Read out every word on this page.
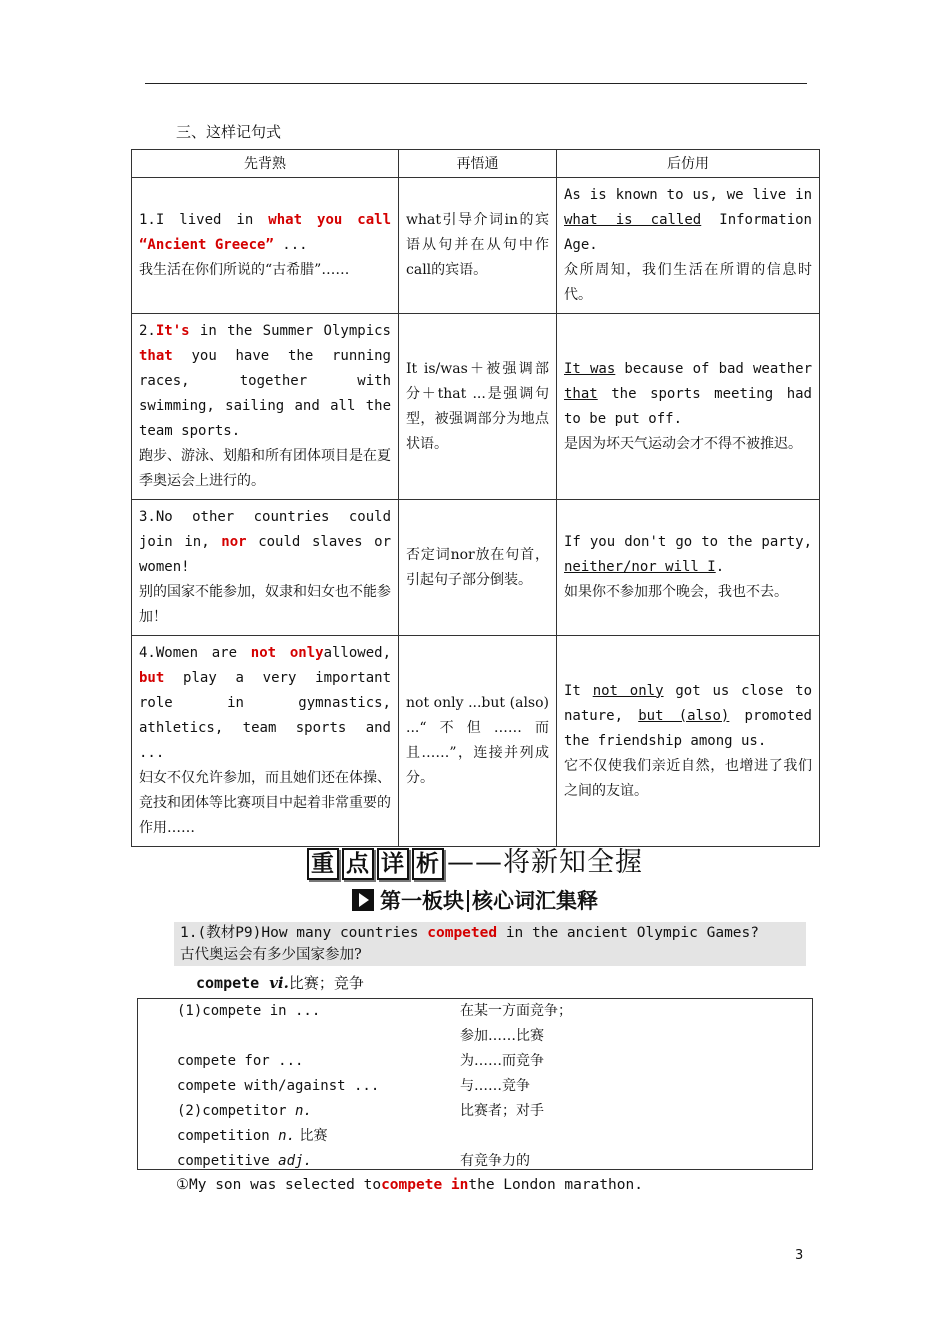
三、这样记句式
先背熟	再悟通	后仿用
1.I lived in what you call “Ancient Greece” ...
我生活在你们所说的“古希腊”……	what引导介词in的宾语从句并在从句中作call的宾语。	As is known to us, we live in what is called Information Age.
众所周知，我们生活在所谓的信息时代。
2.It's in the Summer Olympics that you have the running races, together with swimming, sailing and all the team sports.
跑步、游泳、划船和所有团体项目是在夏季奥运会上进行的。	It is/was＋被强调部分＋that ...是强调句型，被强调部分为地点状语。	It was because of bad weather that the sports meeting had to be put off.
是因为坏天气运动会才不得不被推迟。
3.No other countries could join in, nor could slaves or women!
别的国家不能参加，奴隶和妇女也不能参加！	否定词nor放在句首，引起句子部分倒装。	If you don't go to the party, neither/nor will I.
如果你不参加那个晚会，我也不去。
4.Women are not onlyallowed, but play a very important role in gymnastics, athletics, team sports and ...
妇女不仅允许参加，而且她们还在体操、竞技和团体等比赛项目中起着非常重要的作用……	not only ...but (also) ...“不但……而且……”，连接并列成分。	It not only got us close to nature, but (also) promoted the friendship among us.
它不仅使我们亲近自然，也增进了我们之间的友谊。
重 点 详 析 ——将新知全握
第一板块 核心词汇集释
1.(教材P9)How many countries competed in the ancient Olympic Games?
古代奥运会有多少国家参加?
compete vi.比赛；竞争
(1)compete in ...	在某一方面竞争；
参加……比赛
compete for ...	为……而竞争
compete with/against ...	与……竞争
(2)competitor n.	比赛者；对手
competition n. 比赛
competitive adj.	有竞争力的
①My son was selected tocompete inthe London marathon.
3
